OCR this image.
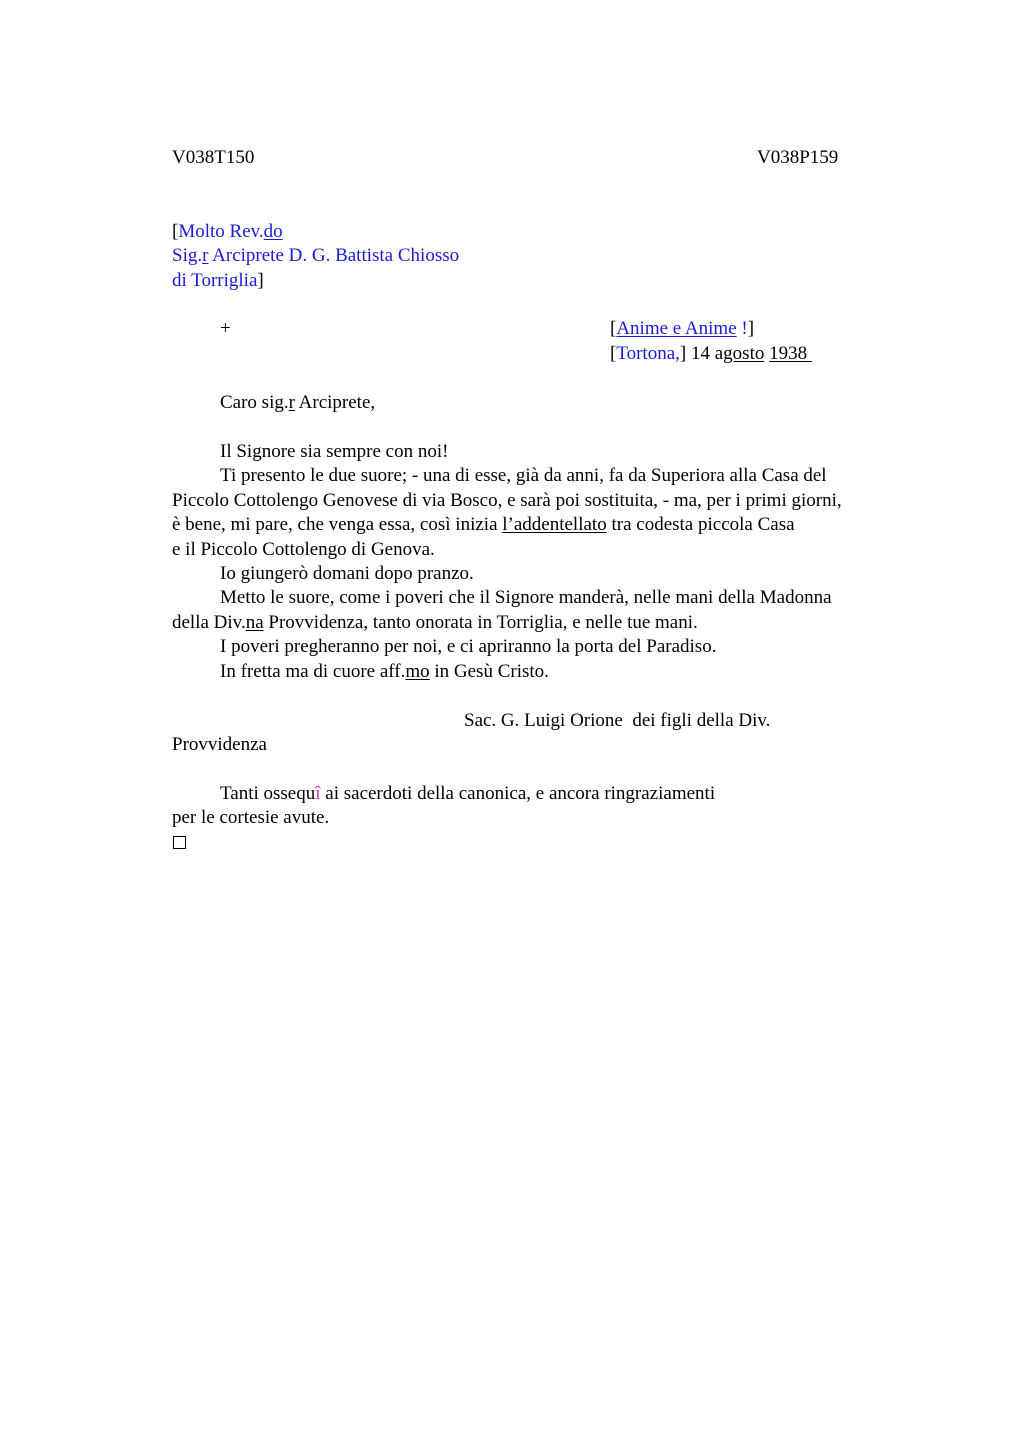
V038T150	V038P159
[Molto Rev.do
Sig.r Arciprete D. G. Battista Chiosso
di Torriglia]
+	[Anime e Anime !]
[Tortona,] 14 agosto 1938
Caro sig.r Arciprete,
Il Signore sia sempre con noi!
Ti presento le due suore; - una di esse, già da anni, fa da Superiora alla Casa del
Piccolo Cottolengo Genovese di via Bosco, e sarà poi sostituita, - ma, per i primi giorni,
è bene, mi pare, che venga essa, così inizia l’addentellato tra codesta piccola Casa
e il Piccolo Cottolengo di Genova.
Io giungerò domani dopo pranzo.
Metto le suore, come i poveri che il Signore manderà, nelle mani della Madonna
della Div.na Provvidenza, tanto onorata in Torriglia, e nelle tue mani.
I poveri pregheranno per noi, e ci apriranno la porta del Paradiso.
In fretta ma di cuore aff.mo in Gesù Cristo.
Sac. G. Luigi Orione  dei figli della Div.
Provvidenza
Tanti ossequî ai sacerdoti della canonica, e ancora ringraziamenti
per le cortesie avute.
